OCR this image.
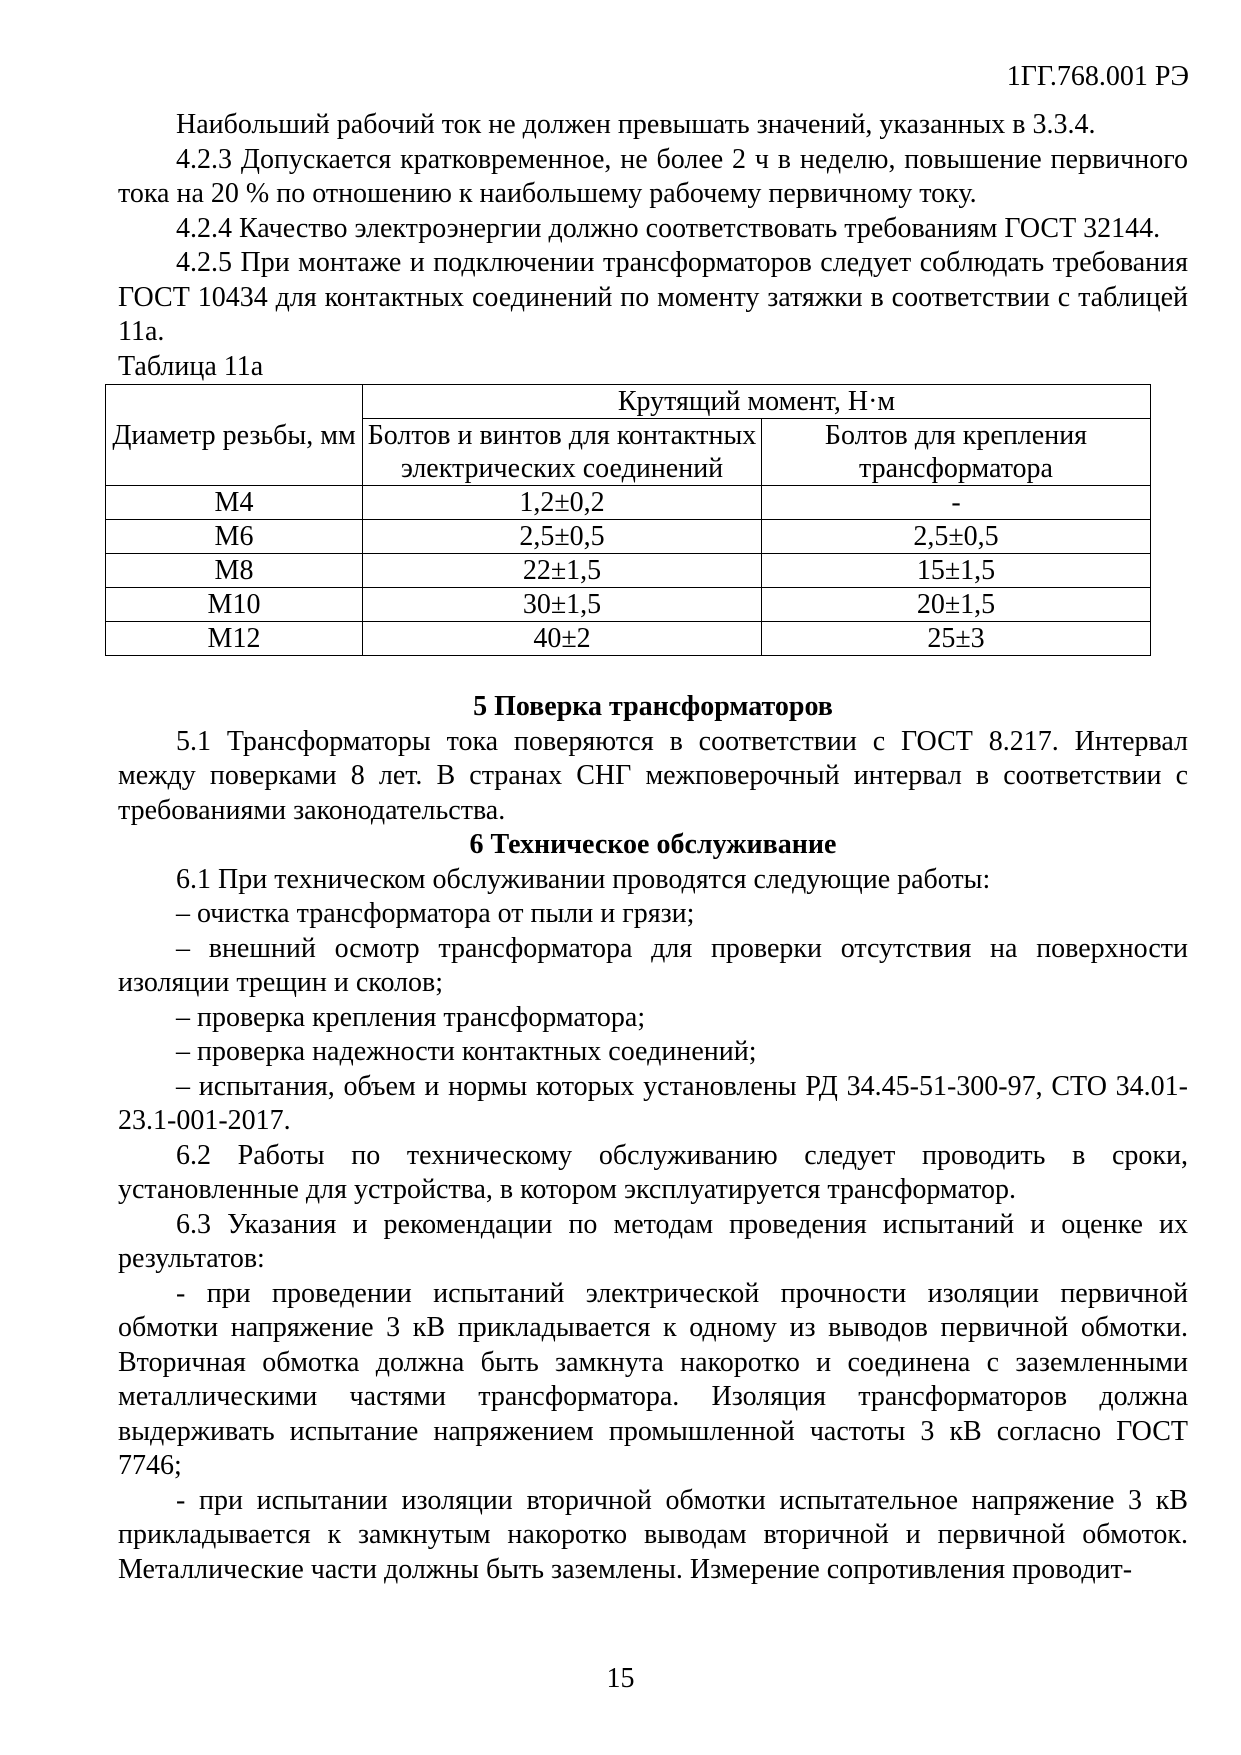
1ГГ.768.001 РЭ

Наибольший рабочий ток не должен превышать значений, указанных в 3.3.4.

4.2.3 Допускается кратковременное, не более 2 ч в неделю, повышение первичного тока на 20 % по отношению к наибольшему рабочему первичному току.

4.2.4 Качество электроэнергии должно соответствовать требованиям ГОСТ 32144.

4.2.5 При монтаже и подключении трансформаторов следует соблюдать требования ГОСТ 10434 для контактных соединений по моменту затяжки в соответствии с таблицей 11а.

Таблица 11а

Диаметр резьбы, мм	Крутящий момент, Н·м	
	Болтов и винтов для контактных электрических соединений	Болтов для крепления трансформатора
М4	1,2±0,2	-
М6	2,5±0,5	2,5±0,5
М8	22±1,5	15±1,5
М10	30±1,5	20±1,5
М12	40±2	25±3

5 Поверка трансформаторов

5.1 Трансформаторы тока поверяются в соответствии с ГОСТ 8.217. Интервал между поверками 8 лет. В странах СНГ межповерочный интервал в соответствии с требованиями законодательства.

6 Техническое обслуживание

6.1 При техническом обслуживании проводятся следующие работы:

– очистка трансформатора от пыли и грязи;

– внешний осмотр трансформатора для проверки отсутствия на поверхности изоляции трещин и сколов;

– проверка крепления трансформатора;

– проверка надежности контактных соединений;

– испытания, объем и нормы которых установлены РД 34.45-51-300-97, СТО 34.01-23.1-001-2017.

6.2 Работы по техническому обслуживанию следует проводить в сроки, установленные для устройства, в котором эксплуатируется трансформатор.

6.3 Указания и рекомендации по методам проведения испытаний и оценке их результатов:

- при проведении испытаний электрической прочности изоляции первичной обмотки напряжение 3 кВ прикладывается к одному из выводов первичной обмотки. Вторичная обмотка должна быть замкнута накоротко и соединена с заземленными металлическими частями трансформатора. Изоляция трансформаторов должна выдерживать испытание напряжением промышленной частоты 3 кВ согласно ГОСТ 7746;

- при испытании изоляции вторичной обмотки испытательное напряжение 3 кВ прикладывается к замкнутым накоротко выводам вторичной и первичной обмоток. Металлические части должны быть заземлены. Измерение сопротивления проводит-

15
